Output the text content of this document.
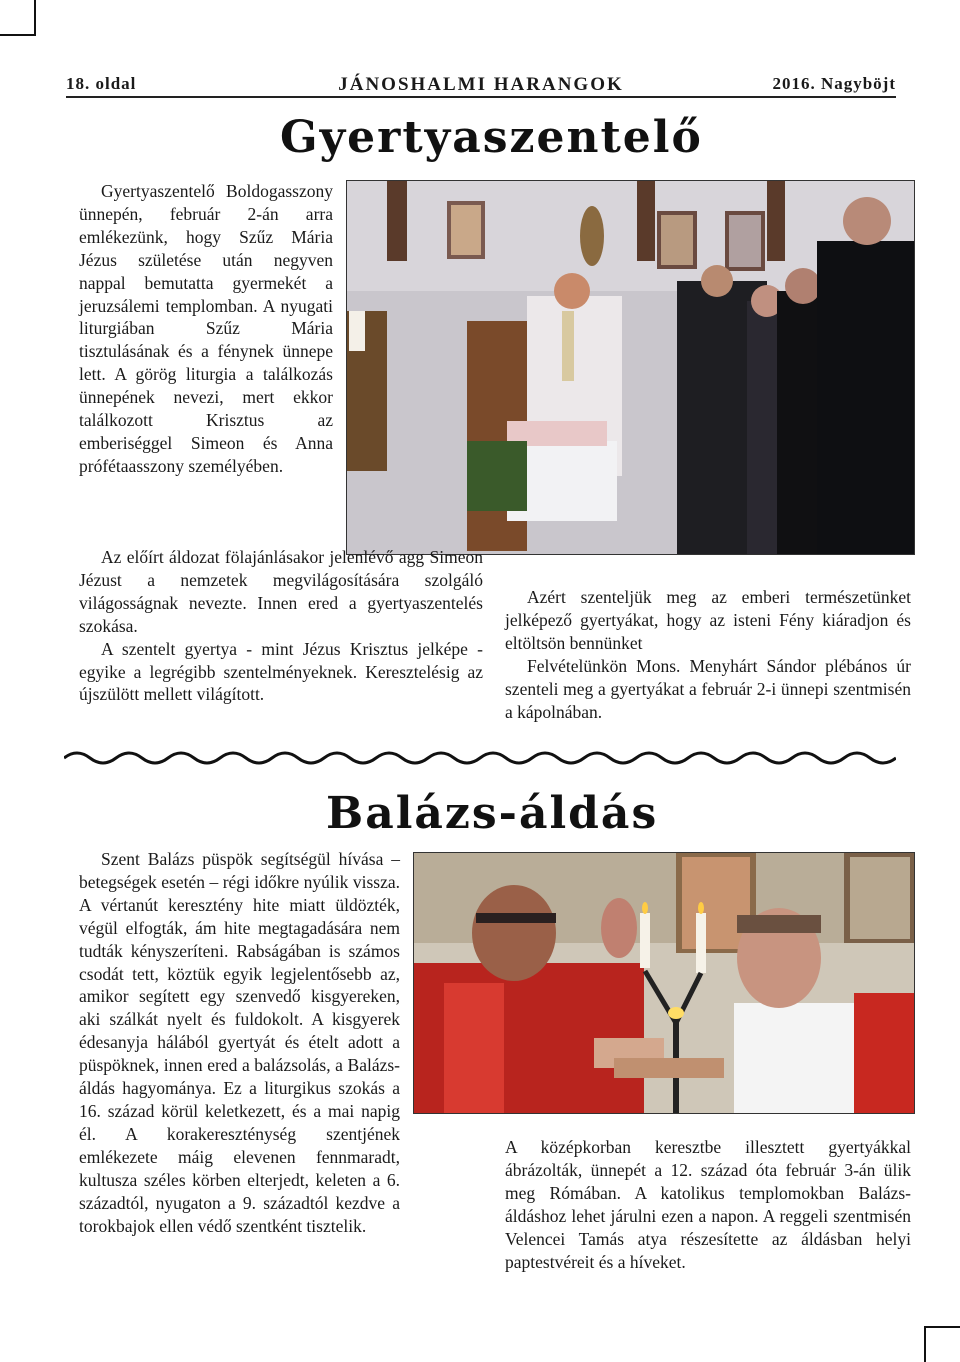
18. oldal	JÁNOSHALMI HARANGOK	2016. Nagyböjt
Gyertyaszentelő

Gyertyaszentelő Boldogasszony ünnepén, február 2-án arra emlékezünk, hogy Szűz Mária Jézus születése után negyven nappal bemutatta gyermekét a jeruzsálemi templomban. A nyugati liturgiában Szűz Mária tisztulásának és a fénynek ünnepe lett. A görög liturgia a találkozás ünnepének nevezi, mert ekkor találkozott Krisztus az emberiséggel Simeon és Anna prófétaasszony személyében.

Az előírt áldozat fölajánlásakor jelenlévő agg Simeon Jézust a nemzetek megvilágosítására szolgáló világosságnak nevezte. Innen ered a gyertyaszentelés szokása.

A szentelt gyertya - mint Jézus Krisztus jelképe - egyike a legrégibb szentelményeknek. Keresztelésig az újszülött mellett világított.

Azért szenteljük meg az emberi természetünket jelképező gyertyákat, hogy az isteni Fény kiáradjon és eltöltsön bennünket

Felvételünkön Mons. Menyhárt Sándor plébános úr szenteli meg a gyertyákat a február 2-i ünnepi szentmisén a kápolnában.

Balázs-áldás

Szent Balázs püspök segítségül hívása – betegségek esetén – régi időkre nyúlik vissza. A vértanút keresztény hite miatt üldözték, végül elfogták, ám hite megtagadására nem tudták kényszeríteni. Rabságában is számos csodát tett, köztük egyik legjelentősebb az, amikor segített egy szenvedő kisgyereken, aki szálkát nyelt és fuldokolt. A kisgyerek édesanyja hálából gyertyát és ételt adott a püspöknek, innen ered a balázsolás, a Balázs-áldás hagyománya. Ez a liturgikus szokás a 16. század körül keletkezett, és a mai napig él. A korakereszténység szentjének emlékezete máig elevenen fennmaradt, kultusza széles körben elterjedt, keleten a 6. századtól, nyugaton a 9. századtól kezdve a torokbajok ellen védő szentként tisztelik.

A középkorban keresztbe illesztett gyertyákkal ábrázolták, ünnepét a 12. század óta február 3-án ülik meg Rómában. A katolikus templomokban Balázs-áldáshoz lehet járulni ezen a napon. A reggeli szentmisén Velencei Tamás atya részesítette az áldásban helyi paptestvéreit és a híveket.
